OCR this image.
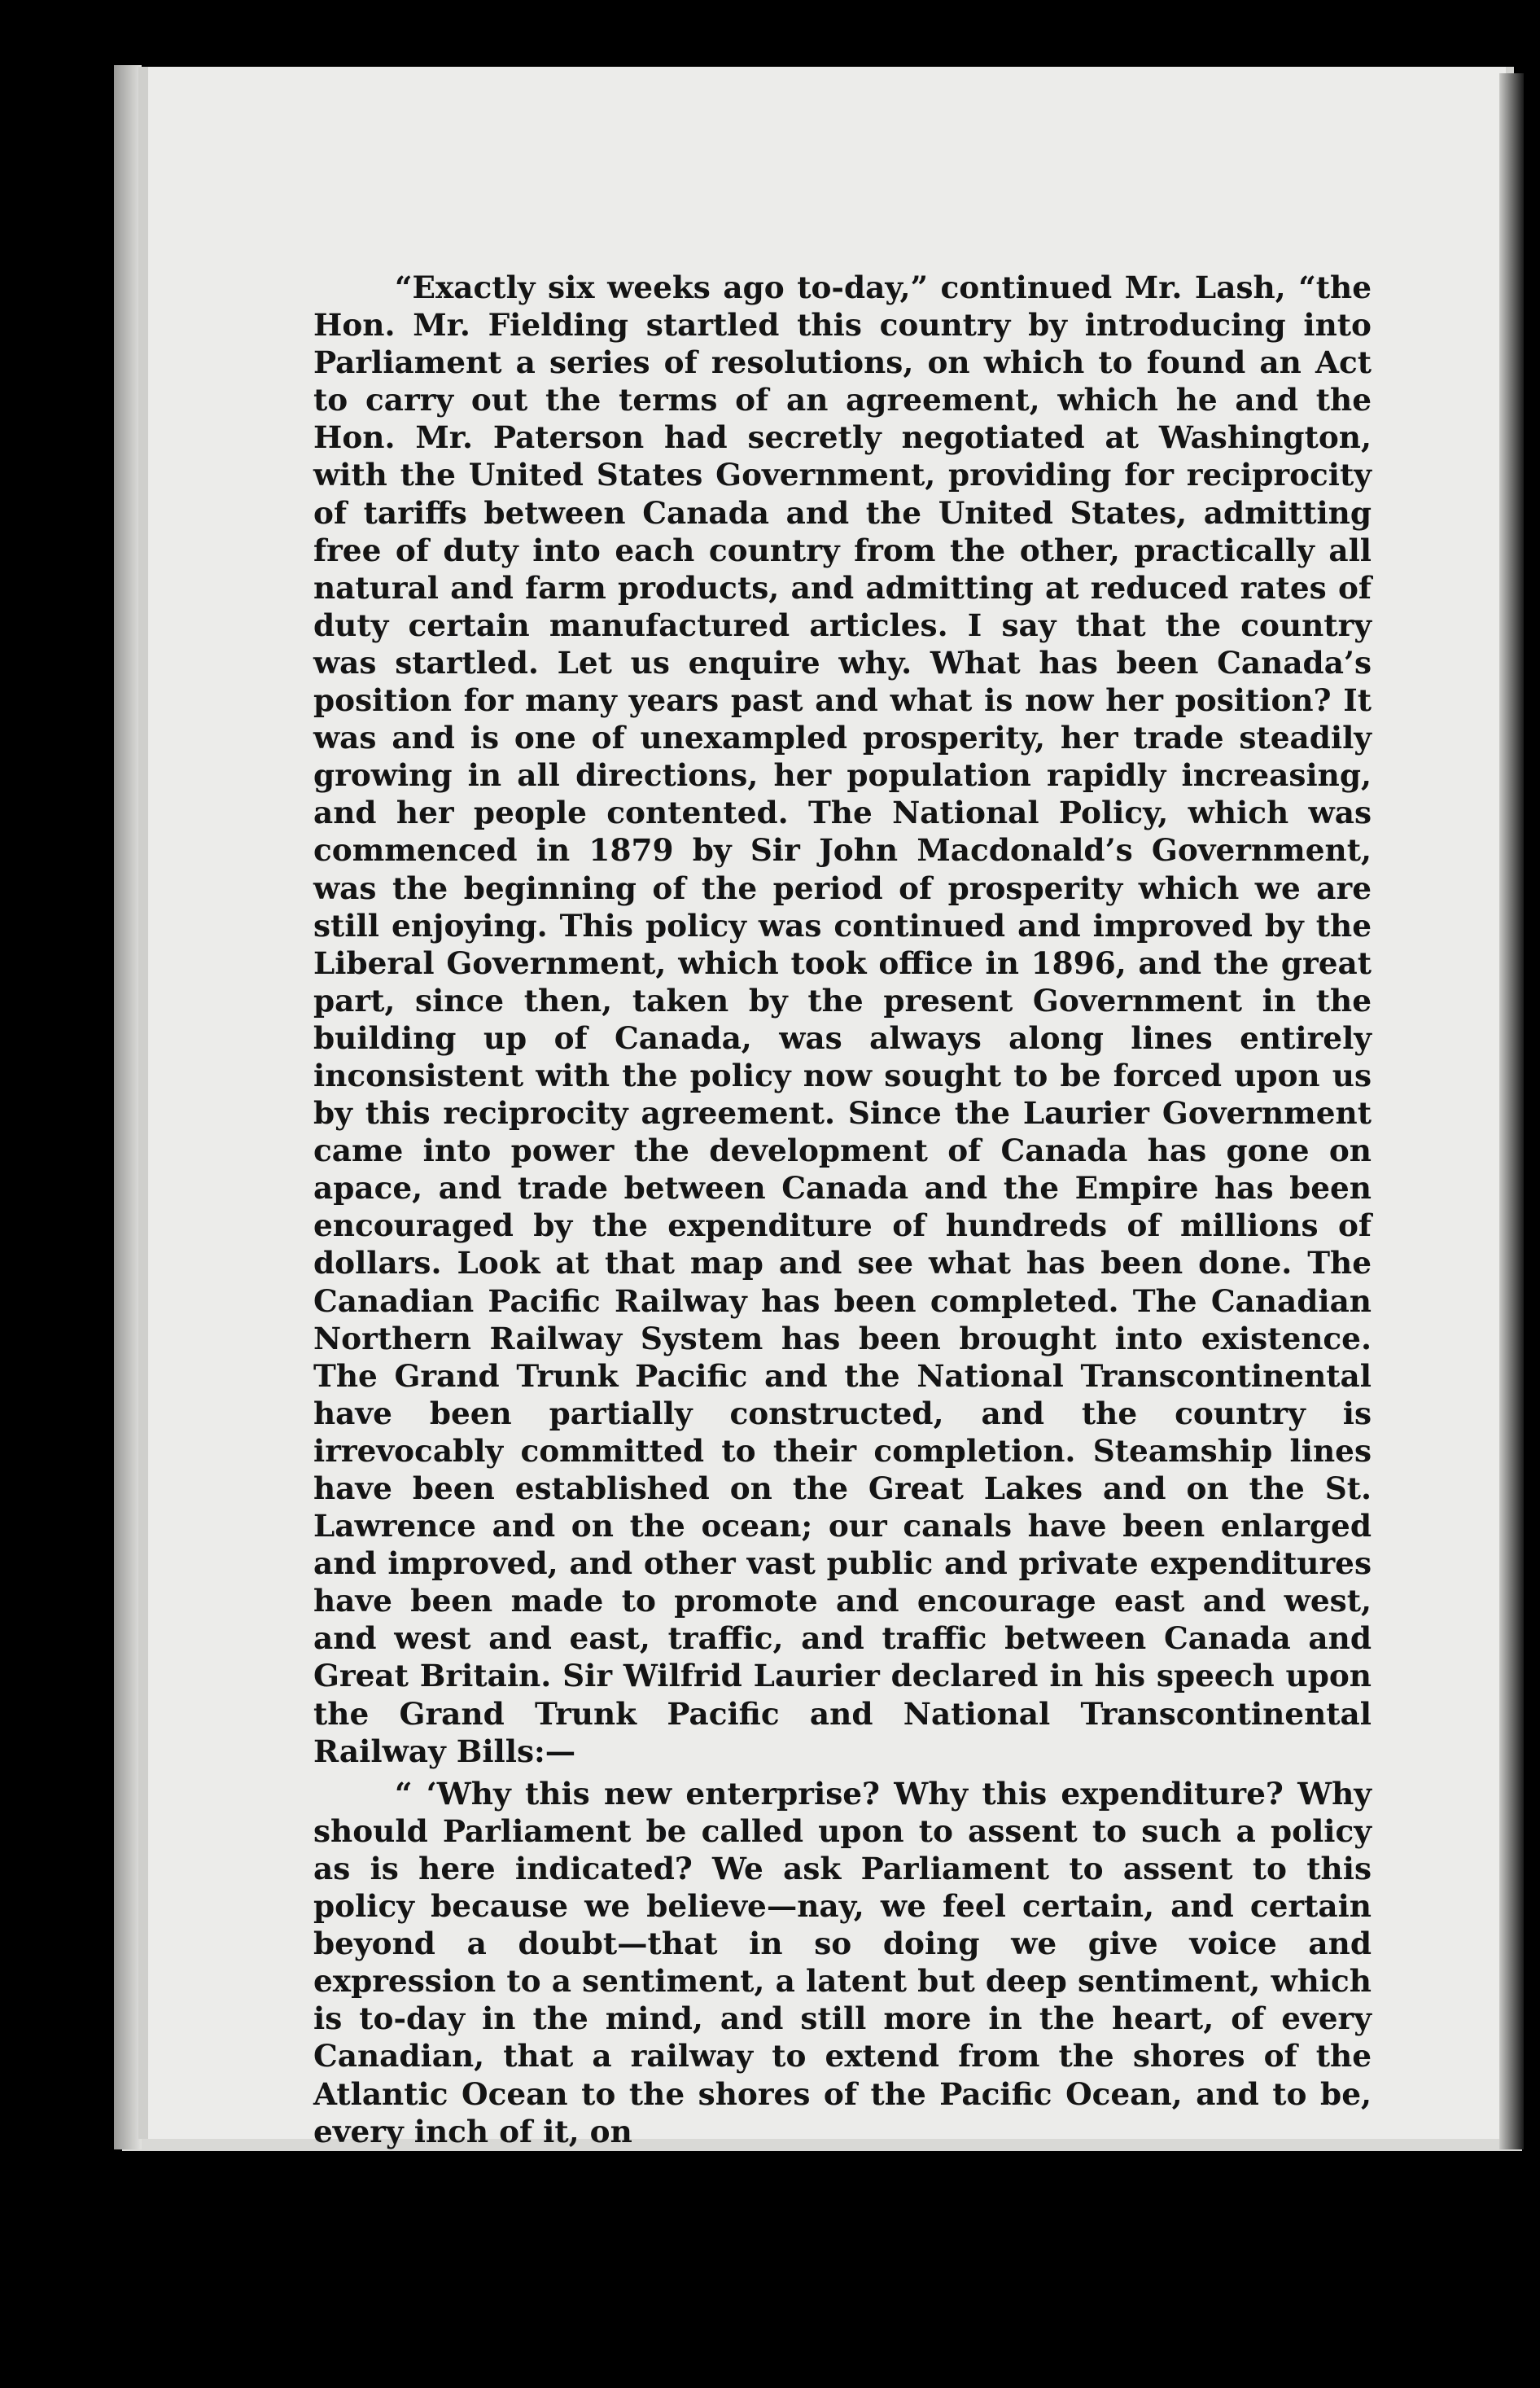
“Exactly six weeks ago to-day,” continued Mr. Lash, “the Hon. Mr. Fielding startled this country by introducing into Parliament a series of resolutions, on which to found an Act to carry out the terms of an agreement, which he and the Hon. Mr. Paterson had secretly negotiated at Washington, with the United States Government, providing for reciprocity of tariffs between Canada and the United States, admitting free of duty into each country from the other, practically all natural and farm products, and admitting at reduced rates of duty certain manufactured articles. I say that the country was startled. Let us enquire why. What has been Canada’s position for many years past and what is now her position? It was and is one of unexampled prosperity, her trade steadily growing in all directions, her population rapidly increasing, and her people contented. The National Policy, which was commenced in 1879 by Sir John Macdonald’s Government, was the beginning of the period of prosperity which we are still enjoying. This policy was continued and improved by the Liberal Government, which took office in 1896, and the great part, since then, taken by the present Government in the building up of Canada, was always along lines entirely inconsistent with the policy now sought to be forced upon us by this reciprocity agreement. Since the Laurier Government came into power the development of Canada has gone on apace, and trade between Canada and the Empire has been encouraged by the expenditure of hundreds of millions of dollars. Look at that map and see what has been done. The Canadian Pacific Railway has been completed. The Canadian Northern Railway System has been brought into existence. The Grand Trunk Pacific and the National Transcontinental have been partially constructed, and the country is irrevocably committed to their completion. Steamship lines have been established on the Great Lakes and on the St. Lawrence and on the ocean; our canals have been enlarged and improved, and other vast public and private expenditures have been made to promote and encourage east and west, and west and east, traffic, and traffic between Canada and Great Britain. Sir Wilfrid Laurier declared in his speech upon the Grand Trunk Pacific and National Transcontinental Railway Bills:—

“ ‘Why this new enterprise? Why this expenditure? Why should Parliament be called upon to assent to such a policy as is here indicated? We ask Parliament to assent to this policy because we believe—nay, we feel certain, and certain beyond a doubt—that in so doing we give voice and expression to a sentiment, a latent but deep sentiment, which is to-day in the mind, and still more in the heart, of every Canadian, that a railway to extend from the shores of the Atlantic Ocean to the shores of the Pacific Ocean, and to be, every inch of it, on
